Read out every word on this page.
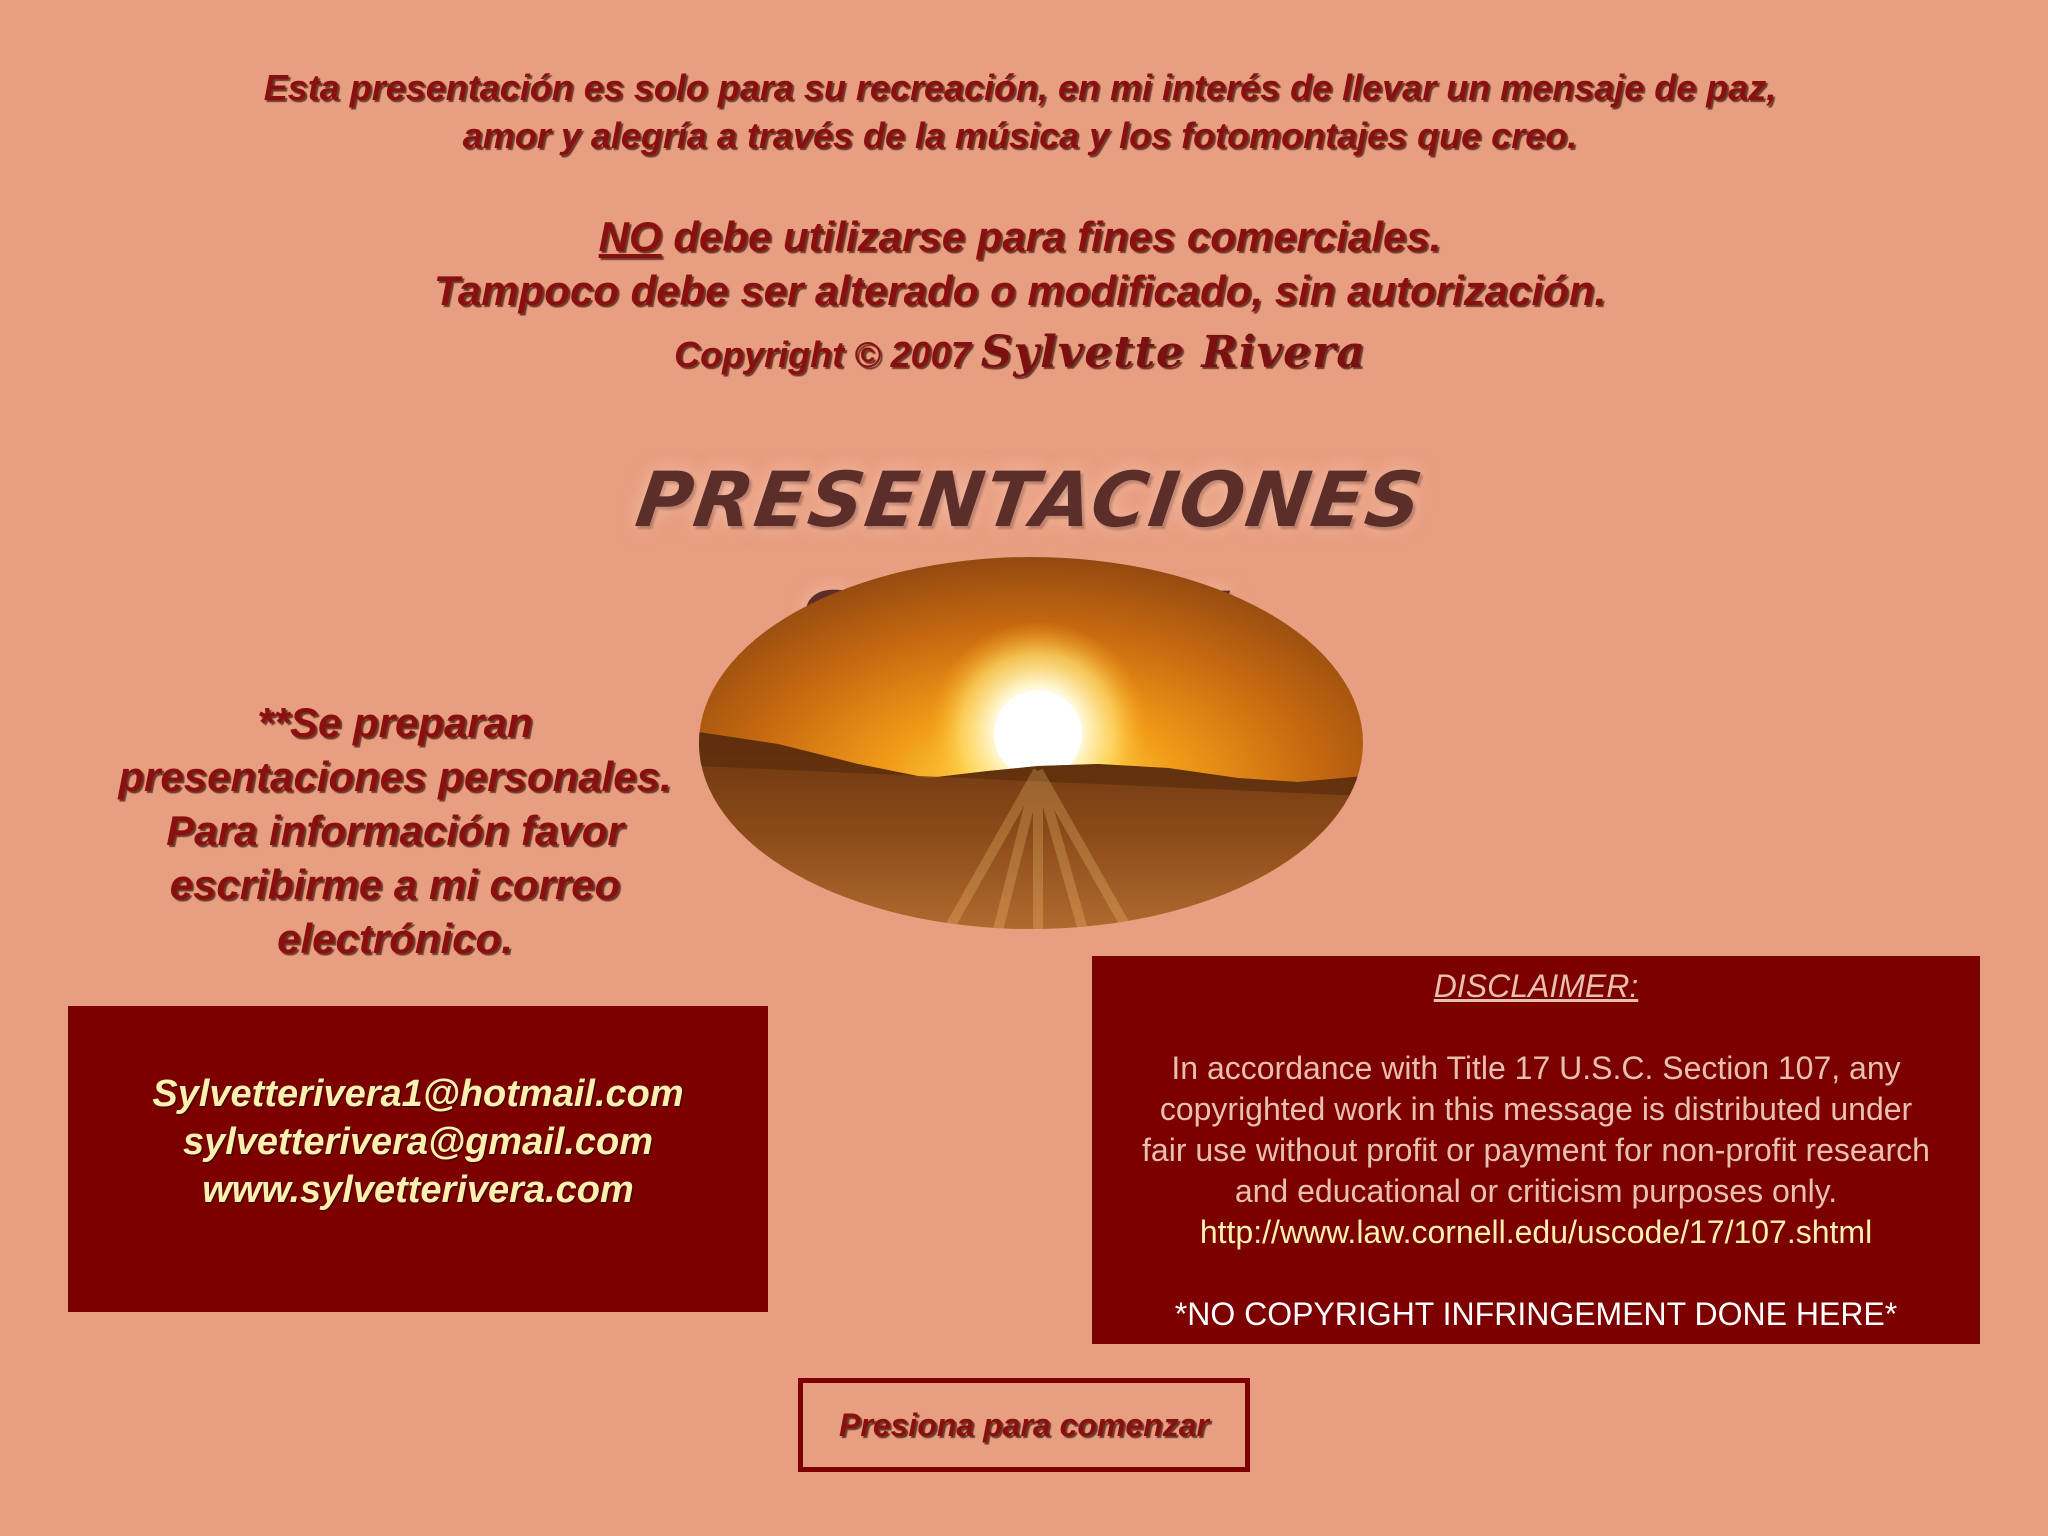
Esta presentación es solo para su recreación, en mi interés de llevar un mensaje de paz,
amor y alegría a través de la música y los fotomontajes que creo.
NO debe utilizarse para fines comerciales.
Tampoco debe ser alterado o modificado, sin autorización.
Copyright © 2007 Sylvette Rivera
PRESENTACIONES
**Se preparan
presentaciones personales.
Para información favor
escribirme a mi correo
electrónico.
Sylvetterivera1@hotmail.com
sylvetterivera@gmail.com
www.sylvetterivera.com
DISCLAIMER:
In accordance with Title 17 U.S.C. Section 107, any
copyrighted work in this message is distributed under
fair use without profit or payment for non-profit research
and educational or criticism purposes only.
http://www.law.cornell.edu/uscode/17/107.shtml
*NO COPYRIGHT INFRINGEMENT DONE HERE*
Presiona para comenzar
